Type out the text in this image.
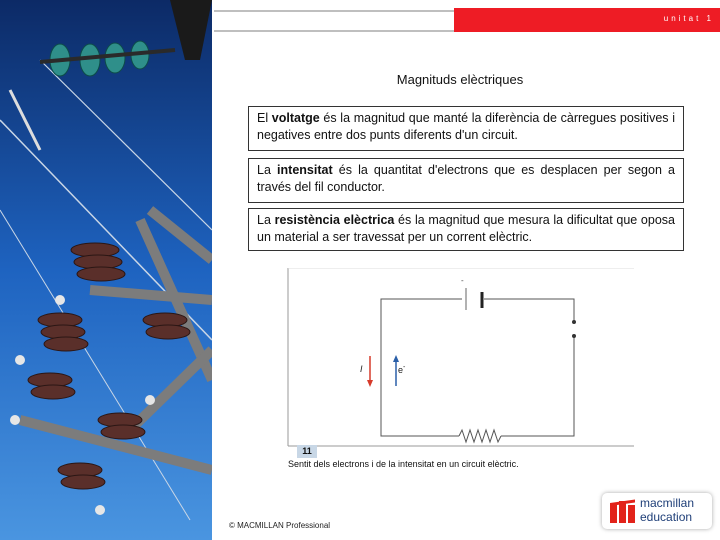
unitat 1
Magnituds elèctriques
El voltatge és la magnitud que manté la diferència de càrregues positives i negatives entre dos punts diferents d'un circuit.
La intensitat és la quantitat d'electrons que es desplacen per segon a través del fil conductor.
La resistència elèctrica és la magnitud que mesura la dificultat que oposa un material a ser travessat per un corrent elèctric.
-
I	e-
11
Sentit dels electrons i de la intensitat en un circuit elèctric.
© MACMILLAN Professional
macmillan
education
